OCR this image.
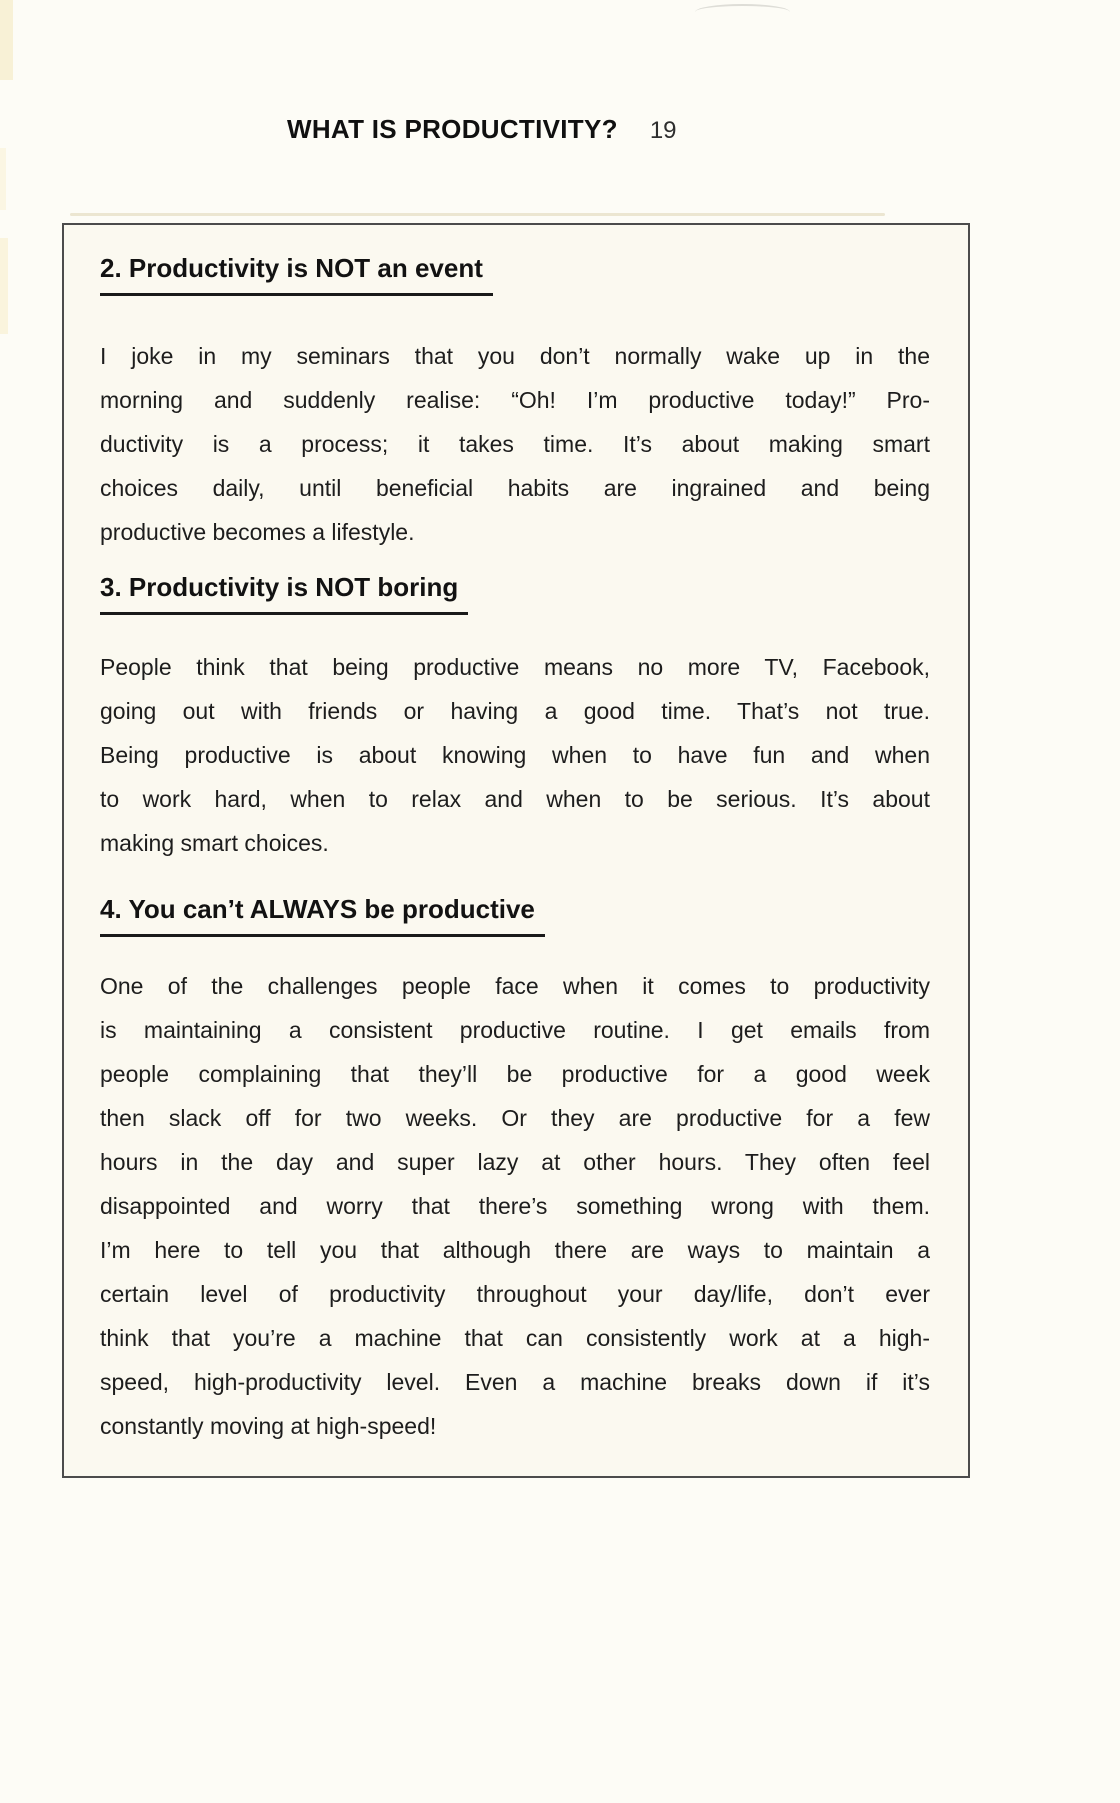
WHAT IS PRODUCTIVITY? 19
2. Productivity is NOT an event
I joke in my seminars that you don’t normally wake up in the
morning and suddenly realise: “Oh! I’m productive today!” Pro-
ductivity is a process; it takes time. It’s about making smart
choices daily, until beneficial habits are ingrained and being
productive becomes a lifestyle.
3. Productivity is NOT boring
People think that being productive means no more TV, Facebook,
going out with friends or having a good time. That’s not true.
Being productive is about knowing when to have fun and when
to work hard, when to relax and when to be serious. It’s about
making smart choices.
4. You can’t ALWAYS be productive
One of the challenges people face when it comes to productivity
is maintaining a consistent productive routine. I get emails from
people complaining that they’ll be productive for a good week
then slack off for two weeks. Or they are productive for a few
hours in the day and super lazy at other hours. They often feel
disappointed and worry that there’s something wrong with them.
I’m here to tell you that although there are ways to maintain a
certain level of productivity throughout your day/life, don’t ever
think that you’re a machine that can consistently work at a high-
speed, high-productivity level. Even a machine breaks down if it’s
constantly moving at high-speed!
